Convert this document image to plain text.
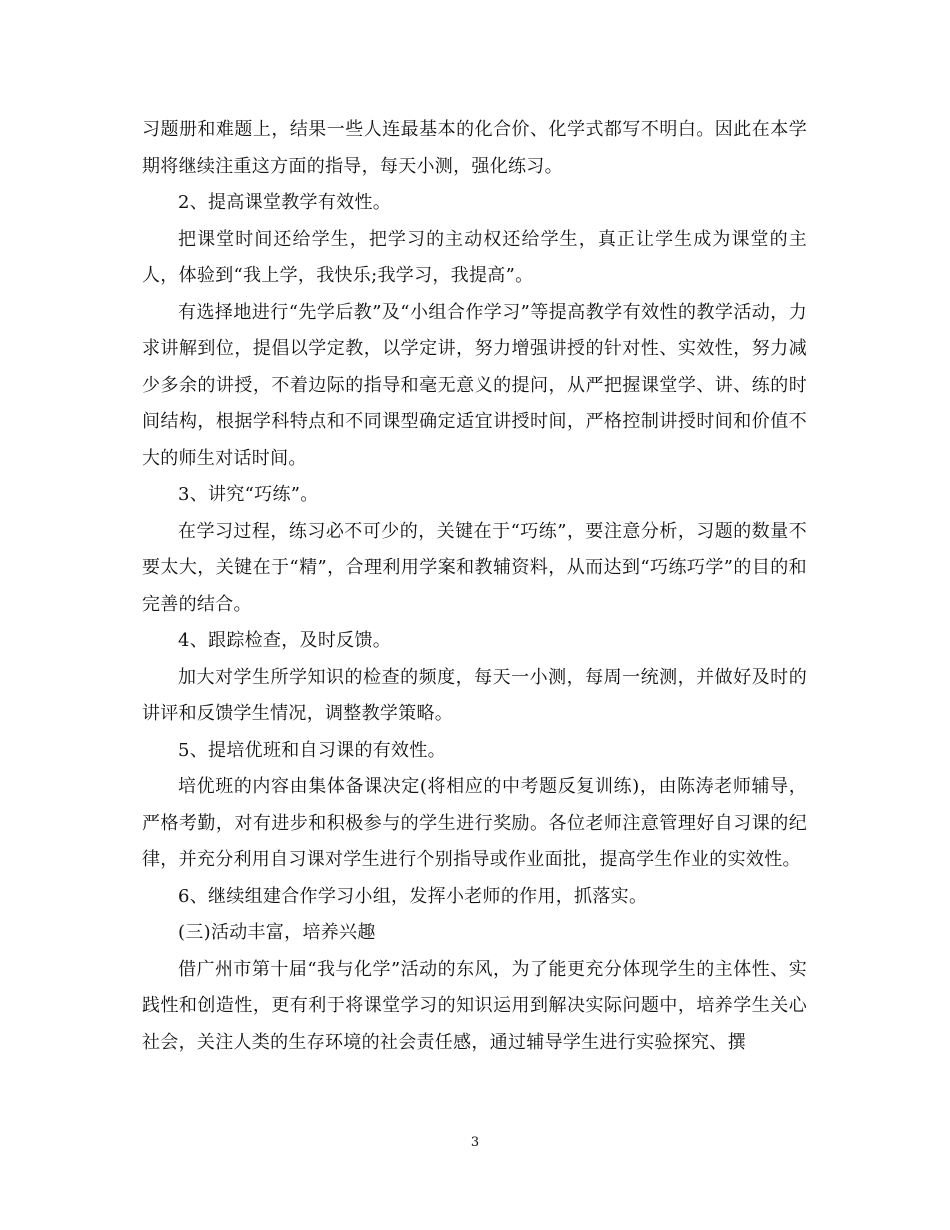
习题册和难题上，结果一些人连最基本的化合价、化学式都写不明白。因此在本学期将继续注重这方面的指导，每天小测，强化练习。

2、提高课堂教学有效性。

把课堂时间还给学生，把学习的主动权还给学生，真正让学生成为课堂的主人，体验到“我上学，我快乐;我学习，我提高”。

有选择地进行“先学后教”及“小组合作学习”等提高教学有效性的教学活动，力求讲解到位，提倡以学定教，以学定讲，努力增强讲授的针对性、实效性，努力减少多余的讲授，不着边际的指导和毫无意义的提问，从严把握课堂学、讲、练的时间结构，根据学科特点和不同课型确定适宜讲授时间，严格控制讲授时间和价值不大的师生对话时间。

3、讲究“巧练”。

在学习过程，练习必不可少的，关键在于“巧练”，要注意分析，习题的数量不要太大，关键在于“精”，合理利用学案和教辅资料，从而达到“巧练巧学”的目的和完善的结合。

4、跟踪检查，及时反馈。

加大对学生所学知识的检查的频度，每天一小测，每周一统测，并做好及时的讲评和反馈学生情况，调整教学策略。

5、提培优班和自习课的有效性。

培优班的内容由集体备课决定(将相应的中考题反复训练)，由陈涛老师辅导，严格考勤，对有进步和积极参与的学生进行奖励。各位老师注意管理好自习课的纪律，并充分利用自习课对学生进行个别指导或作业面批，提高学生作业的实效性。

6、继续组建合作学习小组，发挥小老师的作用，抓落实。

(三)活动丰富，培养兴趣

借广州市第十届“我与化学”活动的东风，为了能更充分体现学生的主体性、实践性和创造性，更有利于将课堂学习的知识运用到解决实际问题中，培养学生关心社会，关注人类的生存环境的社会责任感，通过辅导学生进行实验探究、撰

3
